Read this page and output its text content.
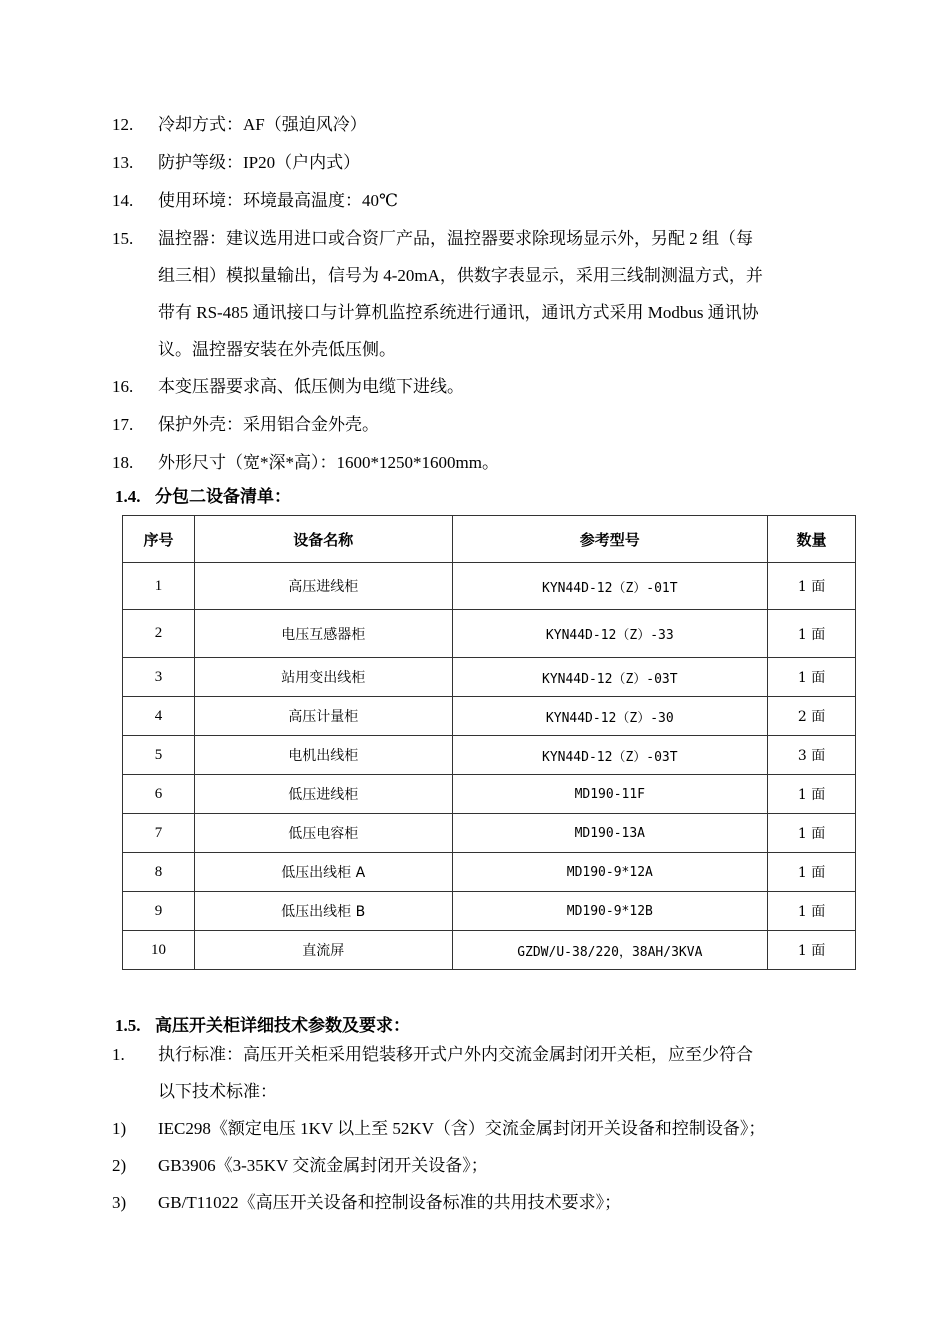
12.	冷却方式：AF（强迫风冷）
13.	防护等级：IP20（户内式）
14.	使用环境：环境最高温度：40℃
15.	温控器：建议选用进口或合资厂产品，温控器要求除现场显示外，另配 2 组（每
组三相）模拟量输出，信号为 4-20mA，供数字表显示，采用三线制测温方式，并
带有 RS-485 通讯接口与计算机监控系统进行通讯，通讯方式采用 Modbus 通讯协
议。温控器安装在外壳低压侧。
16.	本变压器要求高、低压侧为电缆下进线。
17.	保护外壳：采用铝合金外壳。
18.	外形尺寸（宽*深*高）：1600*1250*1600mm。
1.4. 分包二设备清单：
序号	设备名称	参考型号	数量
1	高压进线柜	KYN44D-12（Z）-01T	1 面
2	电压互感器柜	KYN44D-12（Z）-33	1 面
3	站用变出线柜	KYN44D-12（Z）-03T	1 面
4	高压计量柜	KYN44D-12（Z）-30	2 面
5	电机出线柜	KYN44D-12（Z）-03T	3 面
6	低压进线柜	MD190-11F	1 面
7	低压电容柜	MD190-13A	1 面
8	低压出线柜 A	MD190-9*12A	1 面
9	低压出线柜 B	MD190-9*12B	1 面
10	直流屏	GZDW/U-38/220，38AH/3KVA	1 面
1.5. 高压开关柜详细技术参数及要求：
1.	执行标准：高压开关柜采用铠装移开式户外内交流金属封闭开关柜，应至少符合
以下技术标准：
1)	IEC298《额定电压 1KV 以上至 52KV（含）交流金属封闭开关设备和控制设备》；
2)	GB3906《3-35KV 交流金属封闭开关设备》；
3)	GB/T11022《高压开关设备和控制设备标准的共用技术要求》；
